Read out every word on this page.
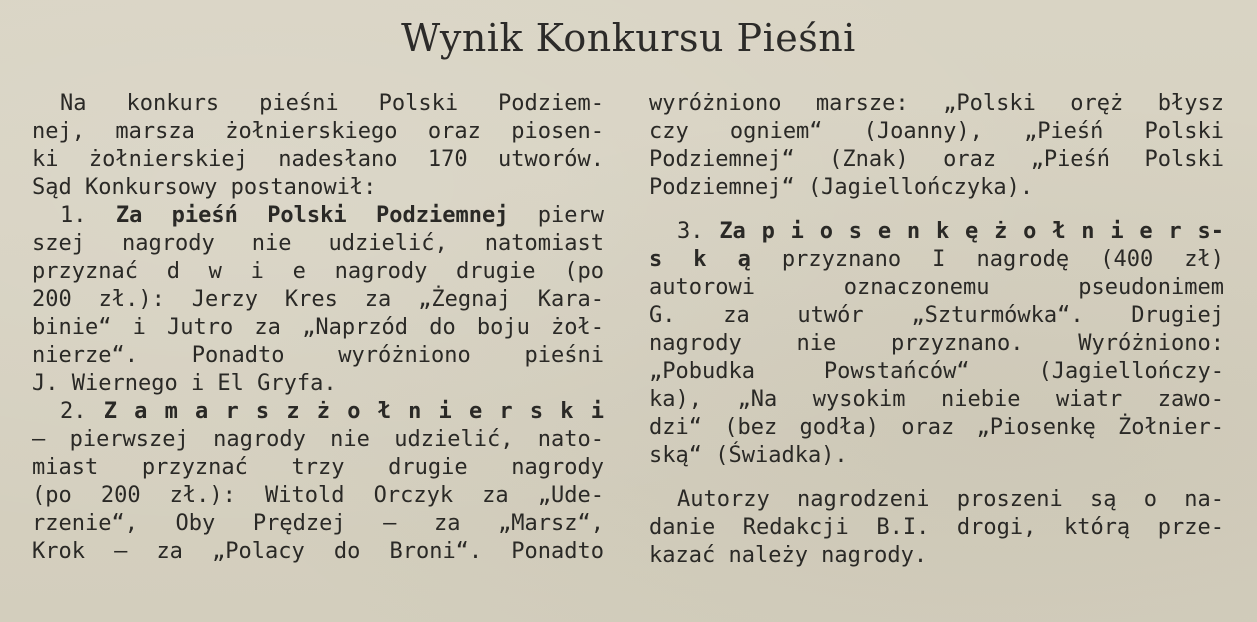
Wynik Konkursu Pieśni
Na konkurs pieśni Polski Podziem-
nej, marsza żołnierskiego oraz piosen-
ki żołnierskiej nadesłano 170 utworów.
Sąd Konkursowy postanowił:
1. Za pieśń Polski Podziemnej pierw
szej nagrody nie udzielić, natomiast
przyznać d w i e nagrody drugie (po
200 zł.): Jerzy Kres za „Żegnaj Kara-
binie“ i Jutro za „Naprzód do boju żoł-
nierze“. Ponadto wyróżniono pieśni
J. Wiernego i El Gryfa.
2. Z a m a r s z ż o ł n i e r s k i
— pierwszej nagrody nie udzielić, nato-
miast przyznać trzy drugie nagrody
(po 200 zł.): Witold Orczyk za „Ude-
rzenie“, Oby Prędzej — za „Marsz“,
Krok — za „Polacy do Broni“. Ponadto
wyróżniono marsze: „Polski oręż błysz
czy ogniem“ (Joanny), „Pieśń Polski
Podziemnej“ (Znak) oraz „Pieśń Polski
Podziemnej“ (Jagiellończyka).
3. Za p i o s e n k ę ż o ł n i e r s-
s k ą przyznano I nagrodę (400 zł)
autorowi oznaczonemu pseudonimem
G. za utwór „Szturmówka“. Drugiej
nagrody nie przyznano. Wyróżniono:
„Pobudka Powstańców“ (Jagiellończy-
ka), „Na wysokim niebie wiatr zawo-
dzi“ (bez godła) oraz „Piosenkę Żołnier-
ską“ (Świadka).
Autorzy nagrodzeni proszeni są o na-
danie Redakcji B.I. drogi, którą prze-
kazać należy nagrody.
